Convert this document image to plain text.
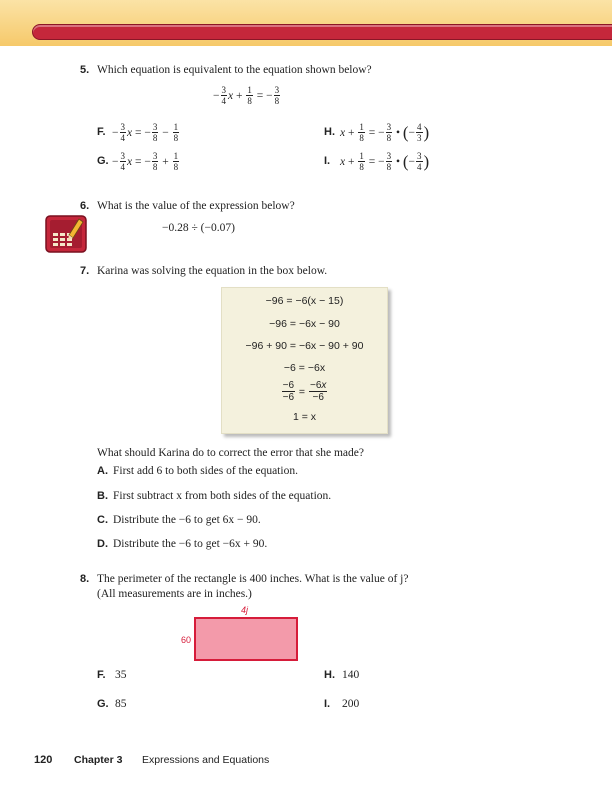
5. Which equation is equivalent to the equation shown below?
− $\frac{3}{4}$ $x + \frac{1}{8}$ = − $\frac{3}{8}$
F. − $\frac{3}{4}$ x = − $\frac{3}{8} - \frac{1}{8}$
G. − $\frac{3}{4}$ x = − $\frac{3}{8} + \frac{1}{8}$
H. $x + \frac{1}{8}$ = − $\frac{3}{8}$ • ( − $\frac{4}{3}$ )
I. $x + \frac{1}{8}$ = − $\frac{3}{8}$ • ( − $\frac{3}{4}$ )
6. What is the value of the expression below?
−0.28 ÷ (−0.07)
7. Karina was solving the equation in the box below.
−96 = −6(x − 15)
−96 = −6x − 90
−96 + 90 = −6x − 90 + 90
−6 = −6x
$\frac{-6}{-6} = \frac{-6x}{-6}$
1 = x
What should Karina do to correct the error that she made?
A. First add 6 to both sides of the equation.
B. First subtract x from both sides of the equation.
C. Distribute the −6 to get 6x − 90.
D. Distribute the −6 to get −6x + 90.
8. The perimeter of the rectangle is 400 inches. What is the value of j?
(All measurements are in inches.)
4j
60
F. 35
G. 85
H. 140
I. 200
120 Chapter 3 Expressions and Equations
